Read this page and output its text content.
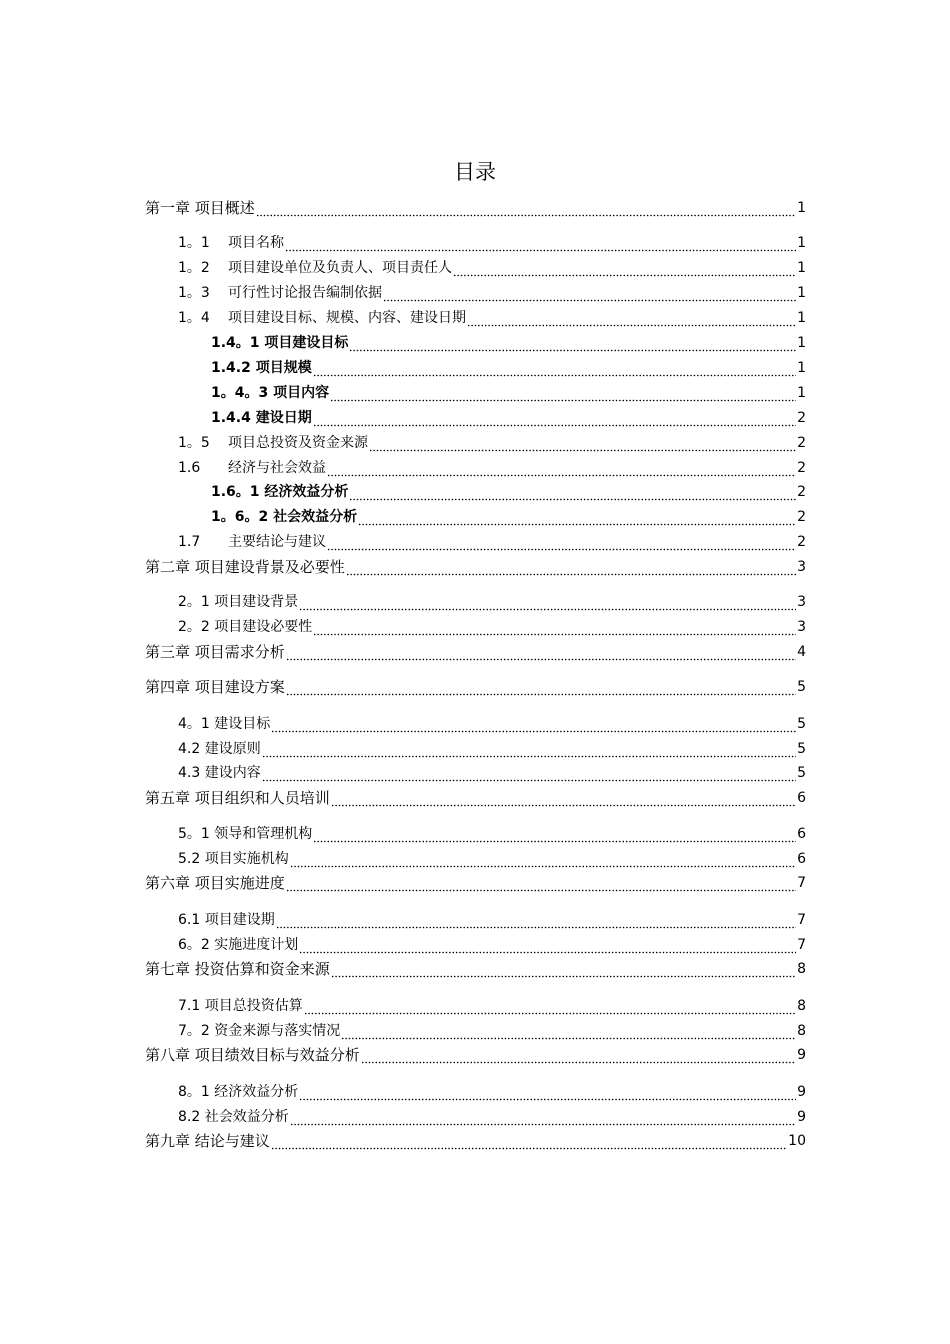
目录
第一章 项目概述	1
1。1	项目名称	1
1。2	项目建设单位及负责人、项目责任人	1
1。3	可行性讨论报告编制依据	1
1。4	项目建设目标、规模、内容、建设日期	1
1.4。1 项目建设目标	1
1.4.2 项目规模	1
1。4。3 项目内容	1
1.4.4 建设日期	2
1。5	项目总投资及资金来源	2
1.6	经济与社会效益	2
1.6。1 经济效益分析	2
1。6。2 社会效益分析	2
1.7	主要结论与建议	2
第二章 项目建设背景及必要性	3
2。1 项目建设背景	3
2。2 项目建设必要性	3
第三章 项目需求分析	4
第四章 项目建设方案	5
4。1 建设目标	5
4.2 建设原则	5
4.3 建设内容	5
第五章 项目组织和人员培训	6
5。1 领导和管理机构	6
5.2 项目实施机构	6
第六章 项目实施进度	7
6.1 项目建设期	7
6。2 实施进度计划	7
第七章 投资估算和资金来源	8
7.1 项目总投资估算	8
7。2 资金来源与落实情况	8
第八章 项目绩效目标与效益分析	9
8。1 经济效益分析	9
8.2 社会效益分析	9
第九章 结论与建议	10
